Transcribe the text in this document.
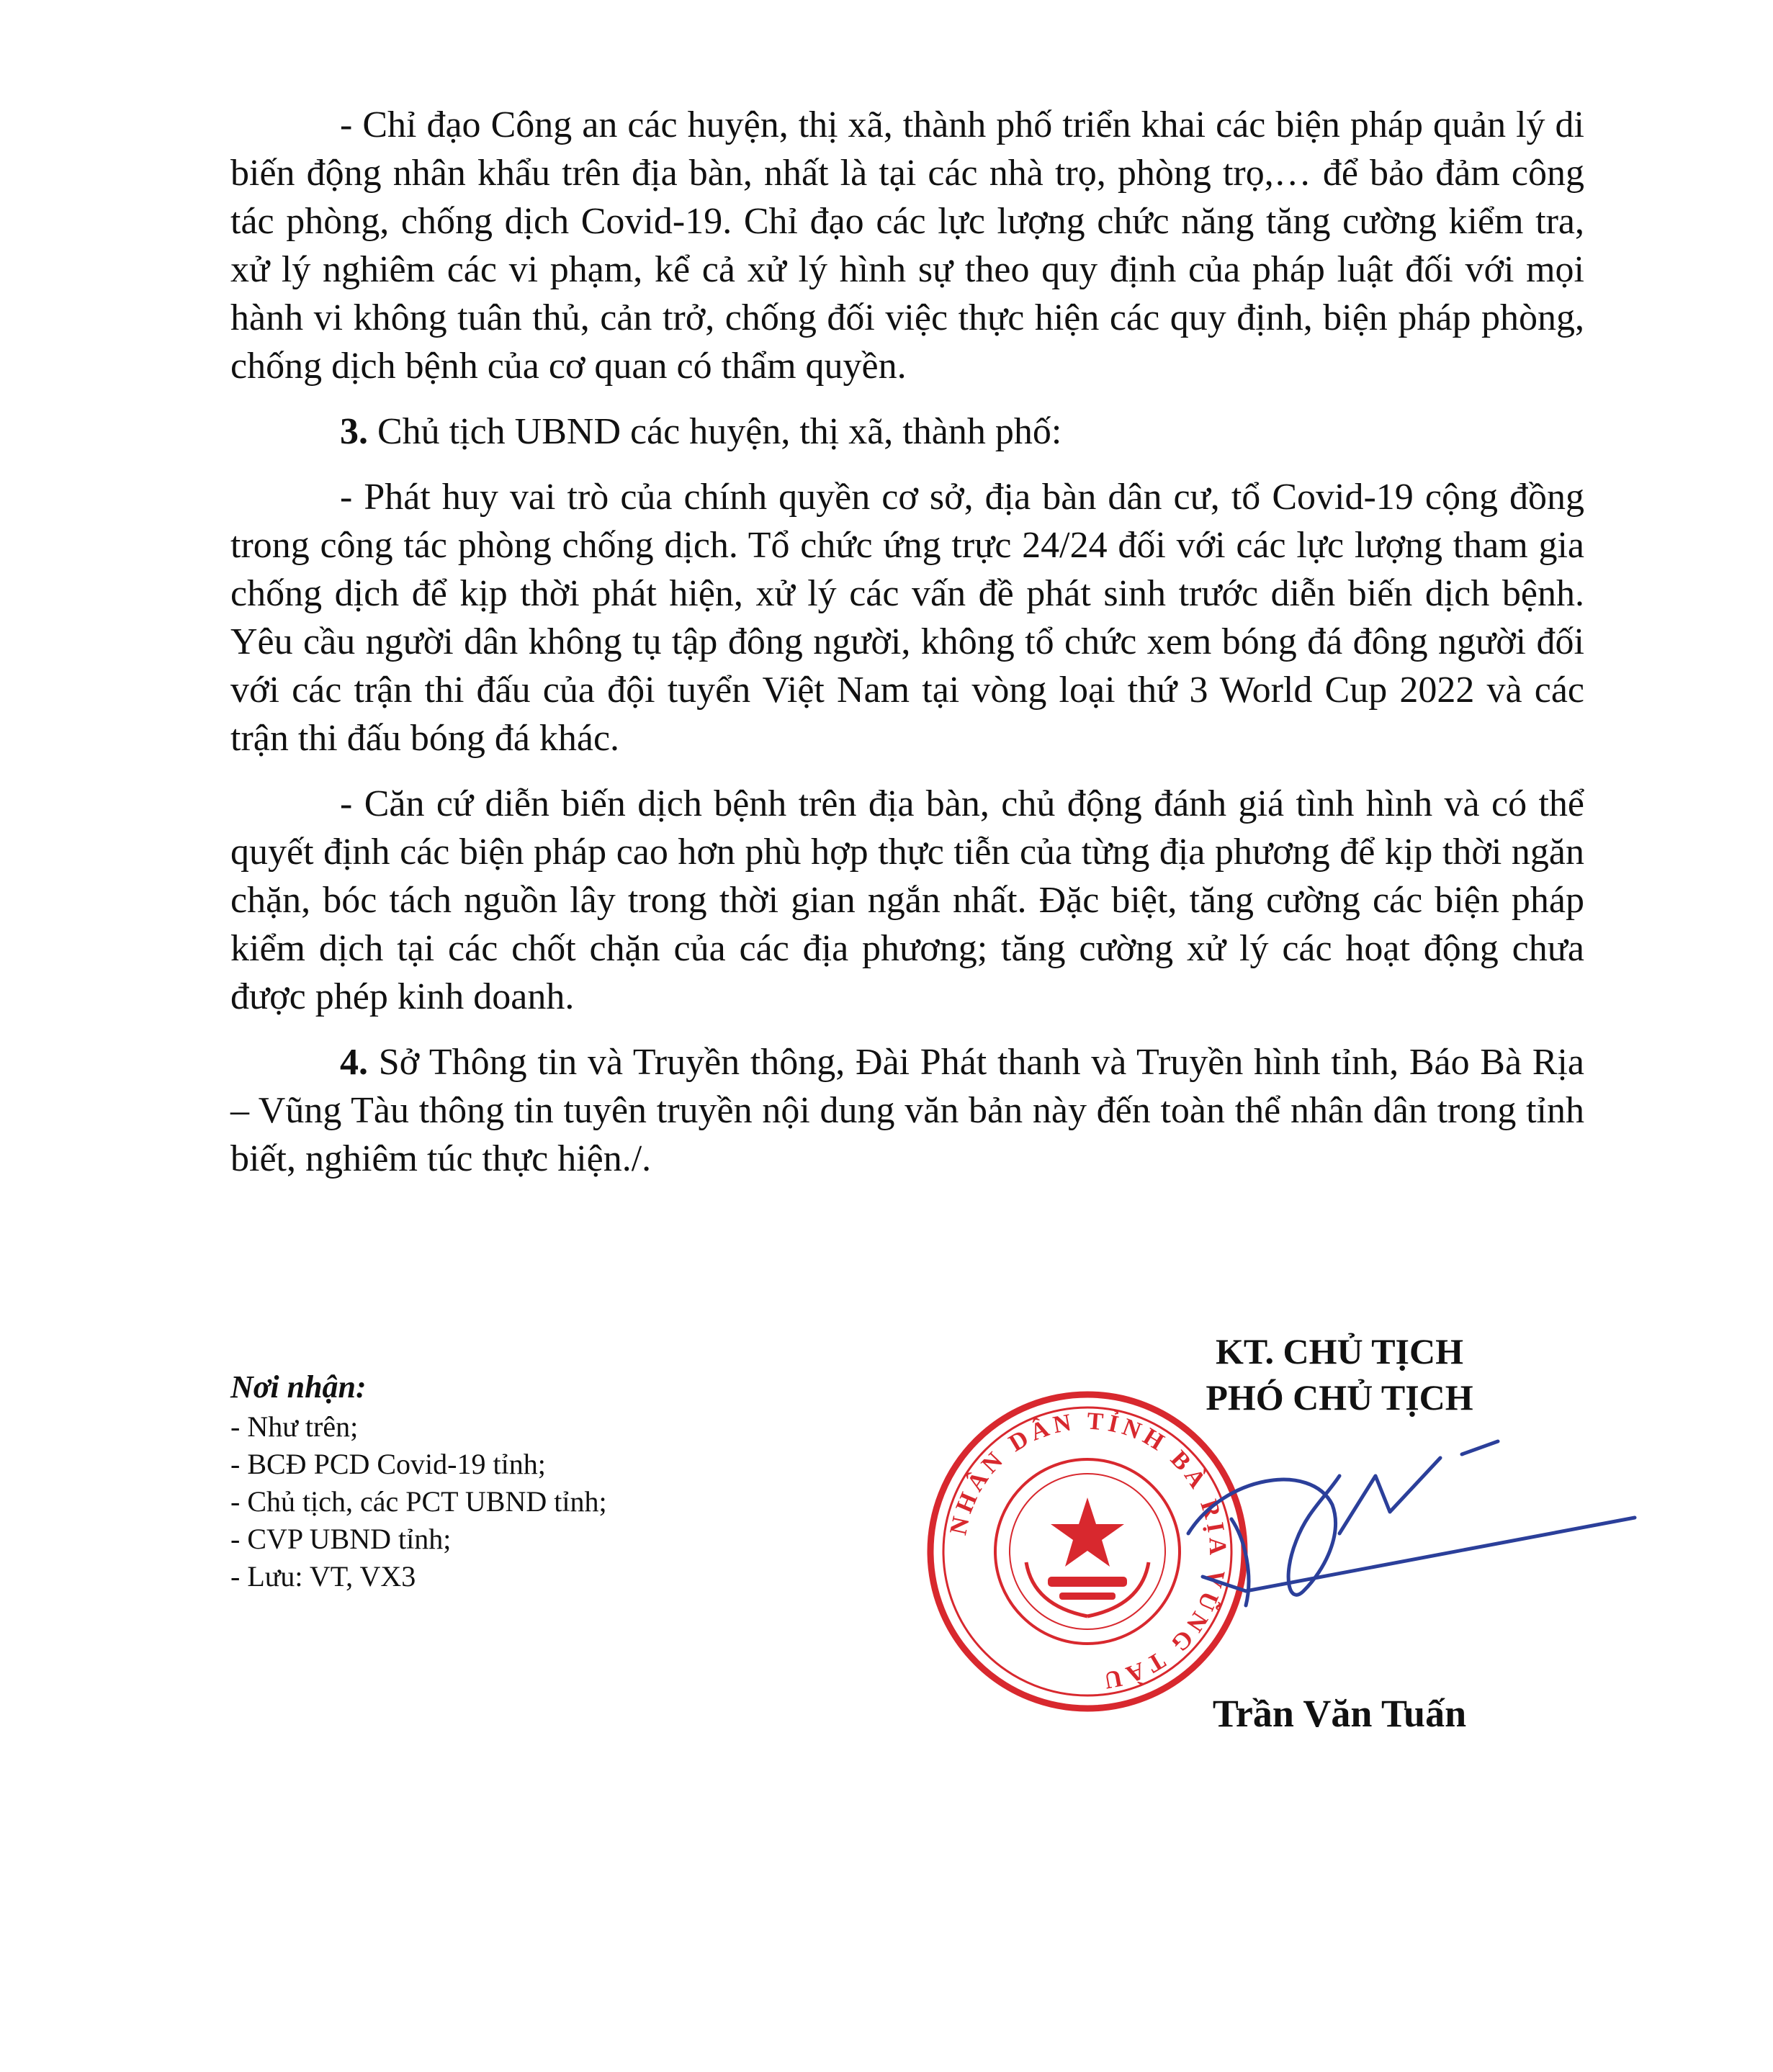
- Chỉ đạo Công an các huyện, thị xã, thành phố triển khai các biện pháp quản lý di biến động nhân khẩu trên địa bàn, nhất là tại các nhà trọ, phòng trọ,… để bảo đảm công tác phòng, chống dịch Covid-19. Chỉ đạo các lực lượng chức năng tăng cường kiểm tra, xử lý nghiêm các vi phạm, kể cả xử lý hình sự theo quy định của pháp luật đối với mọi hành vi không tuân thủ, cản trở, chống đối việc thực hiện các quy định, biện pháp phòng, chống dịch bệnh của cơ quan có thẩm quyền.

3. Chủ tịch UBND các huyện, thị xã, thành phố:

- Phát huy vai trò của chính quyền cơ sở, địa bàn dân cư, tổ Covid-19 cộng đồng trong công tác phòng chống dịch. Tổ chức ứng trực 24/24 đối với các lực lượng tham gia chống dịch để kịp thời phát hiện, xử lý các vấn đề phát sinh trước diễn biến dịch bệnh. Yêu cầu người dân không tụ tập đông người, không tổ chức xem bóng đá đông người đối với các trận thi đấu của đội tuyển Việt Nam tại vòng loại thứ 3 World Cup 2022 và các trận thi đấu bóng đá khác.

- Căn cứ diễn biến dịch bệnh trên địa bàn, chủ động đánh giá tình hình và có thể quyết định các biện pháp cao hơn phù hợp thực tiễn của từng địa phương để kịp thời ngăn chặn, bóc tách nguồn lây trong thời gian ngắn nhất. Đặc biệt, tăng cường các biện pháp kiểm dịch tại các chốt chặn của các địa phương; tăng cường xử lý các hoạt động chưa được phép kinh doanh.

4. Sở Thông tin và Truyền thông, Đài Phát thanh và Truyền hình tỉnh, Báo Bà Rịa – Vũng Tàu thông tin tuyên truyền nội dung văn bản này đến toàn thể nhân dân trong tỉnh biết, nghiêm túc thực hiện./.

Nơi nhận:

- Như trên;

- BCĐ PCD Covid-19 tỉnh;

- Chủ tịch, các PCT UBND tỉnh;

- CVP UBND tỉnh;

- Lưu: VT, VX3

KT. CHỦ TỊCH
PHÓ CHỦ TỊCH
NHÂN DÂN TỈNH BÀ RỊA VŨNG TÀU
Trần Văn Tuấn
